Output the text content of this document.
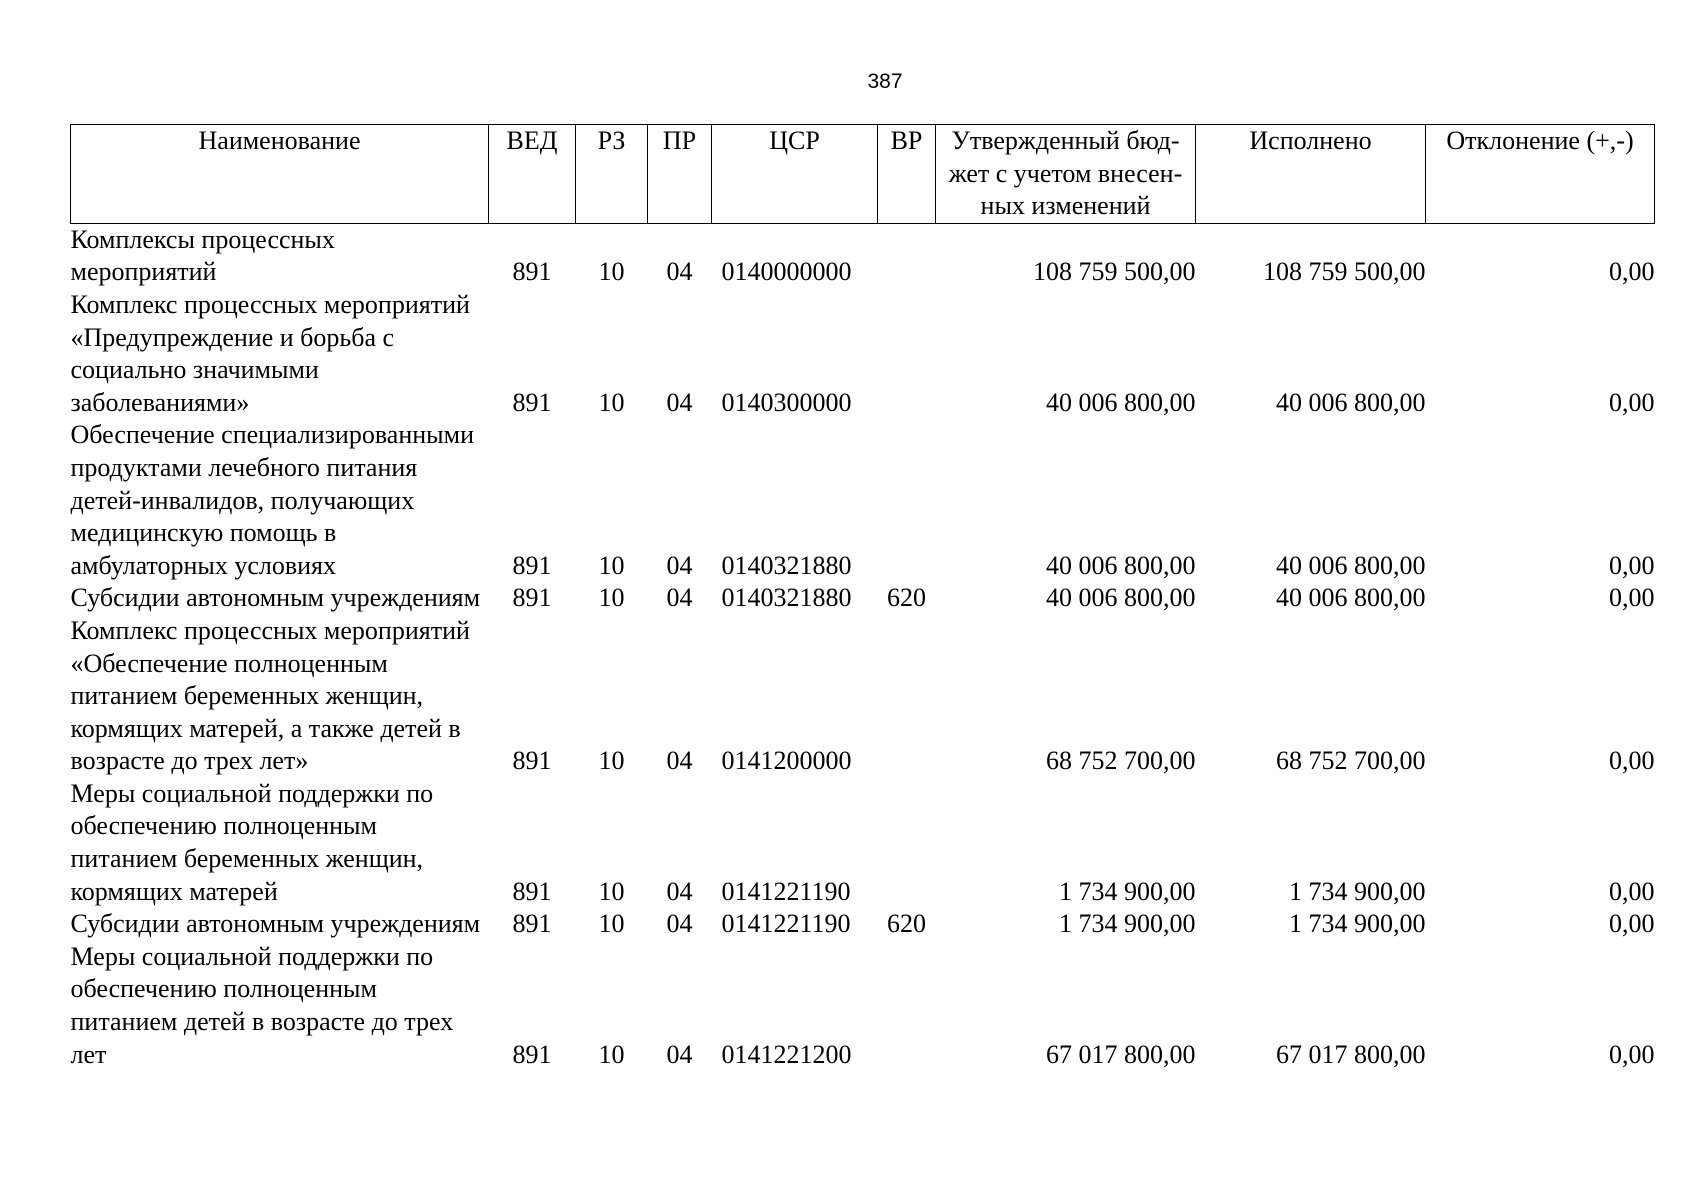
387
Наименование	ВЕД	РЗ	ПР	ЦСР	ВР	Утвержденный бюд-жет с учетом внесен-ных изменений	Исполнено	Отклонение (+,-)
Комплексы процессных мероприятий	891	10	04	0140000000		108 759 500,00	108 759 500,00	0,00
Комплекс процессных мероприятий «Предупреждение и борьба с социально значимыми заболеваниями»	891	10	04	0140300000		40 006 800,00	40 006 800,00	0,00
Обеспечение специализированными продуктами лечебного питания детей-инвалидов, получающих медицинскую помощь в амбулаторных условиях	891	10	04	0140321880		40 006 800,00	40 006 800,00	0,00
Субсидии автономным учреждениям	891	10	04	0140321880	620	40 006 800,00	40 006 800,00	0,00
Комплекс процессных мероприятий «Обеспечение полноценным питанием беременных женщин, кормящих матерей, а также детей в возрасте до трех лет»	891	10	04	0141200000		68 752 700,00	68 752 700,00	0,00
Меры социальной поддержки по обеспечению полноценным питанием беременных женщин, кормящих матерей	891	10	04	0141221190		1 734 900,00	1 734 900,00	0,00
Субсидии автономным учреждениям	891	10	04	0141221190	620	1 734 900,00	1 734 900,00	0,00
Меры социальной поддержки по обеспечению полноценным питанием детей в возрасте до трех лет	891	10	04	0141221200		67 017 800,00	67 017 800,00	0,00
